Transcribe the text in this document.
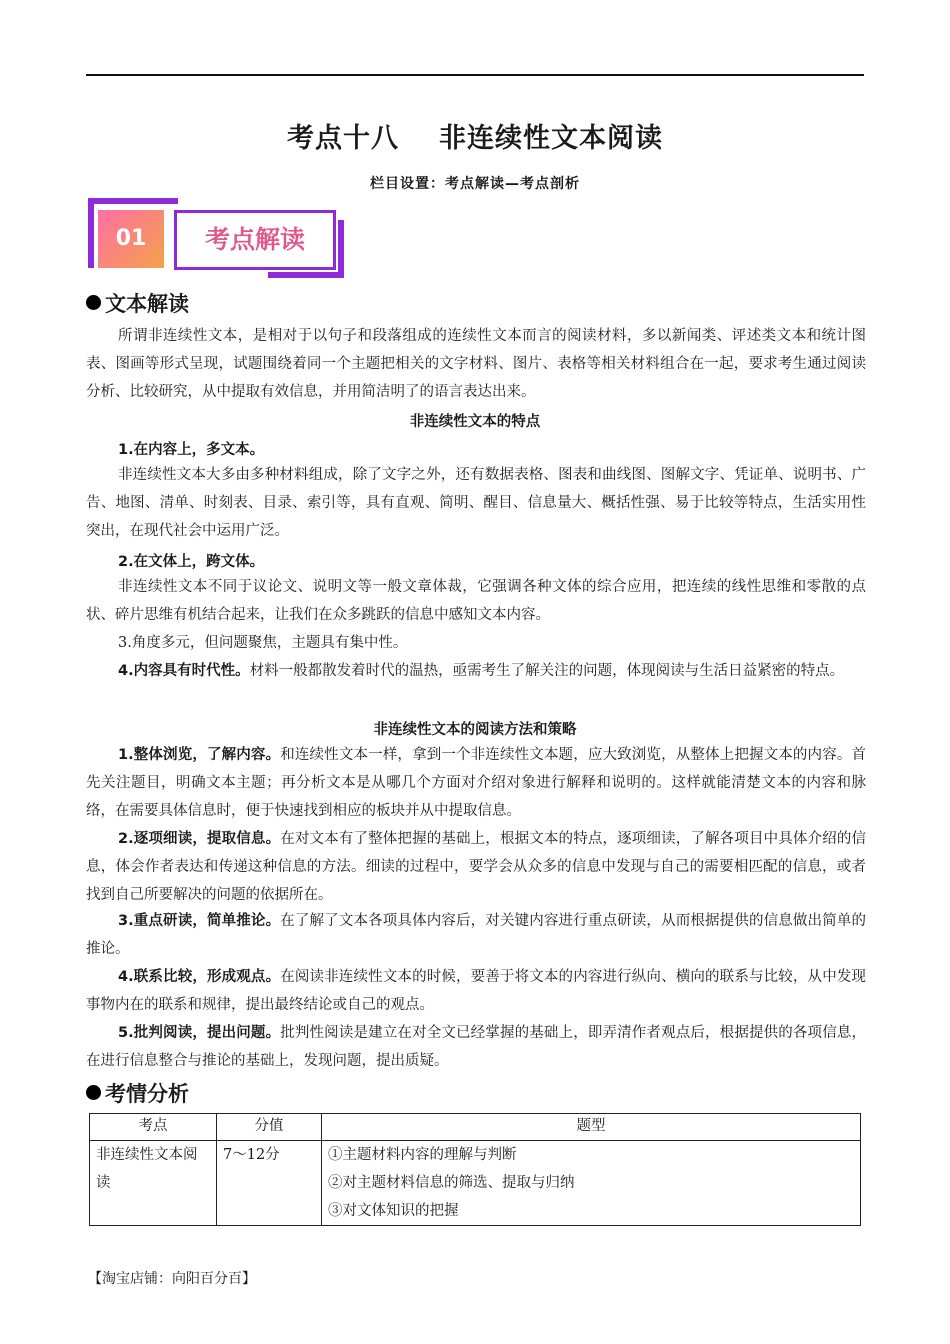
考点十八 非连续性文本阅读
栏目设置：考点解读—考点剖析
01	考点解读
文本解读

所谓非连续性文本，是相对于以句子和段落组成的连续性文本而言的阅读材料，多以新闻类、评述类文本和统计图表、图画等形式呈现，试题围绕着同一个主题把相关的文字材料、图片、表格等相关材料组合在一起，要求考生通过阅读分析、比较研究，从中提取有效信息，并用简洁明了的语言表达出来。

非连续性文本的特点
1.在内容上，多文本。

非连续性文本大多由多种材料组成，除了文字之外，还有数据表格、图表和曲线图、图解文字、凭证单、说明书、广告、地图、清单、时刻表、目录、索引等，具有直观、简明、醒目、信息量大、概括性强、易于比较等特点，生活实用性突出，在现代社会中运用广泛。

2.在文体上，跨文体。

非连续性文本不同于议论文、说明文等一般文章体裁，它强调各种文体的综合应用，把连续的线性思维和零散的点状、碎片思维有机结合起来，让我们在众多跳跃的信息中感知文本内容。

3.角度多元，但问题聚焦，主题具有集中性。

4.内容具有时代性。材料一般都散发着时代的温热，亟需考生了解关注的问题，体现阅读与生活日益紧密的特点。

非连续性文本的阅读方法和策略

1.整体浏览，了解内容。和连续性文本一样，拿到一个非连续性文本题，应大致浏览，从整体上把握文本的内容。首先关注题目，明确文本主题；再分析文本是从哪几个方面对介绍对象进行解释和说明的。这样就能清楚文本的内容和脉络，在需要具体信息时，便于快速找到相应的板块并从中提取信息。

2.逐项细读，提取信息。在对文本有了整体把握的基础上，根据文本的特点，逐项细读，了解各项目中具体介绍的信息，体会作者表达和传递这种信息的方法。细读的过程中，要学会从众多的信息中发现与自己的需要相匹配的信息，或者找到自己所要解决的问题的依据所在。

3.重点研读，简单推论。在了解了文本各项具体内容后，对关键内容进行重点研读，从而根据提供的信息做出简单的推论。

4.联系比较，形成观点。在阅读非连续性文本的时候，要善于将文本的内容进行纵向、横向的联系与比较，从中发现事物内在的联系和规律，提出最终结论或自己的观点。

5.批判阅读，提出问题。批判性阅读是建立在对全文已经掌握的基础上，即弄清作者观点后，根据提供的各项信息，在进行信息整合与推论的基础上，发现问题，提出质疑。

考情分析
考点	分值	题型
非连续性文本阅读	7～12分	①主题材料内容的理解与判断
②对主题材料信息的筛选、提取与归纳
③对文体知识的把握
【淘宝店铺：向阳百分百】
